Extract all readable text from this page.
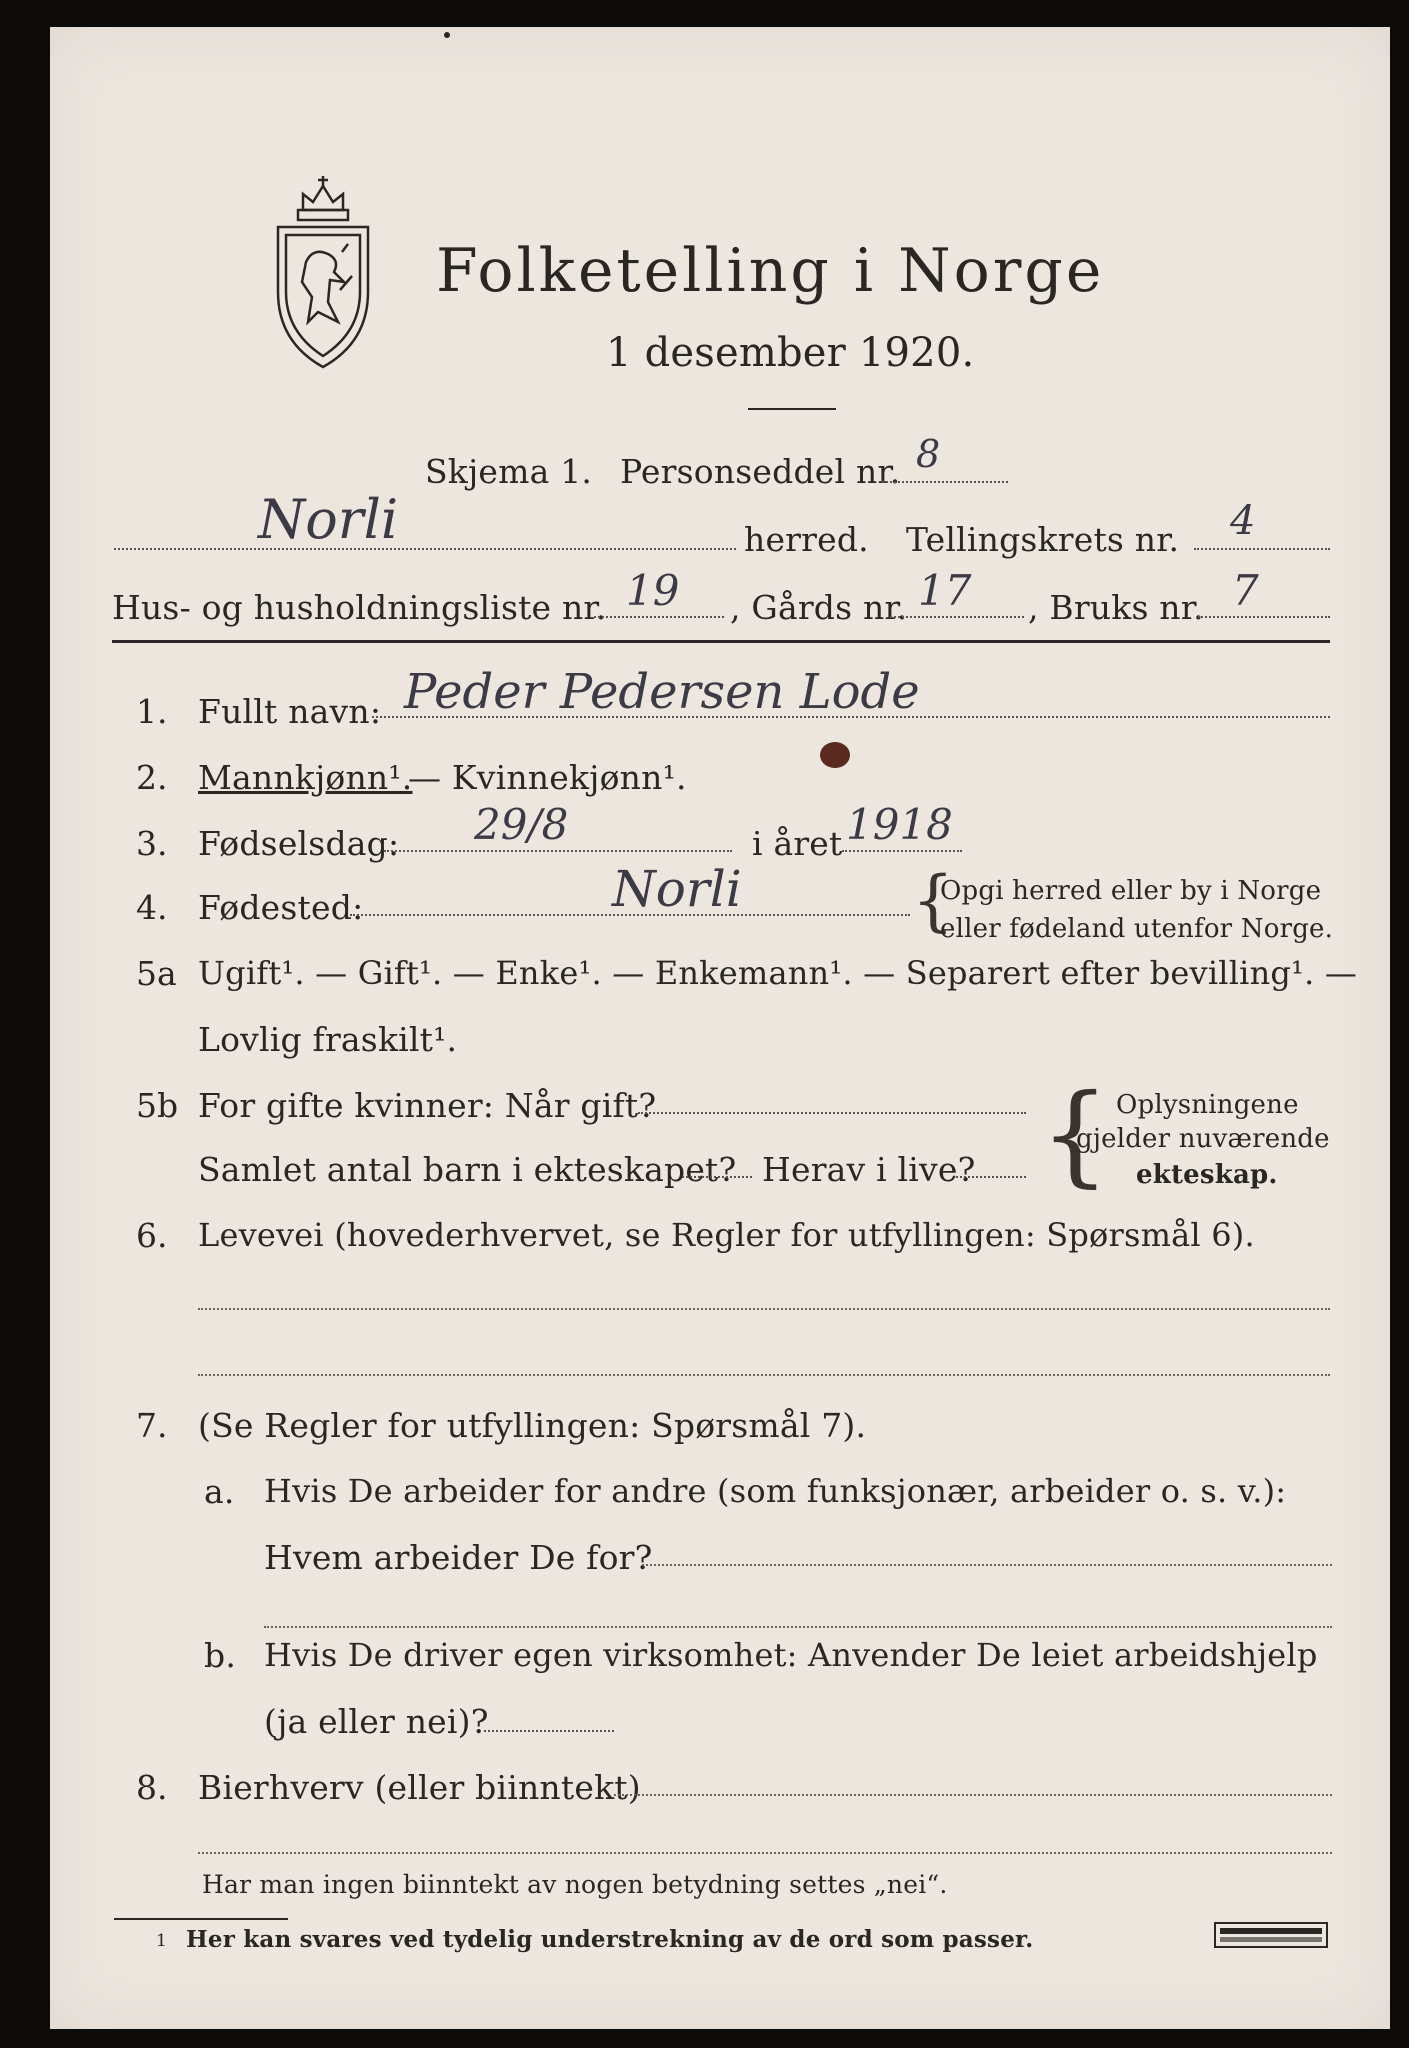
Folketelling i Norge
1 desember 1920.
Skjema 1. Personseddel nr. 8
Norli	herred. Tellingskrets nr. 4
Hus- og husholdningsliste nr. 19 , Gårds nr. 17 , Bruks nr. 7
1. Fullt navn: Peder Pedersen Lode
2. Mannkjønn¹.
— Kvinnekjønn¹.
3. Fødselsdag: 29/8	i året 1918
4. Fødested:	Norli	{
Opgi herred eller by i Norge
eller fødeland utenfor Norge.
5a Ugift¹. — Gift¹. — Enke¹. — Enkemann¹. — Separert efter bevilling¹. —
Lovlig fraskilt¹.
5b For gifte kvinner: Når gift?
Samlet antal barn i ekteskapet? Herav i live? { Oplysningene
gjelder nuværende
ekteskap.
6. Levevei (hovederhvervet, se Regler for utfyllingen: Spørsmål 6).
7. (Se Regler for utfyllingen: Spørsmål 7).
a. Hvis De arbeider for andre (som funksjonær, arbeider o. s. v.):
Hvem arbeider De for?
b. Hvis De driver egen virksomhet: Anvender De leiet arbeidshjelp
(ja eller nei)?
8. Bierhverv (eller biinntekt)
Har man ingen biinntekt av nogen betydning settes „nei“.
1 Her kan svares ved tydelig understrekning av de ord som passer.
